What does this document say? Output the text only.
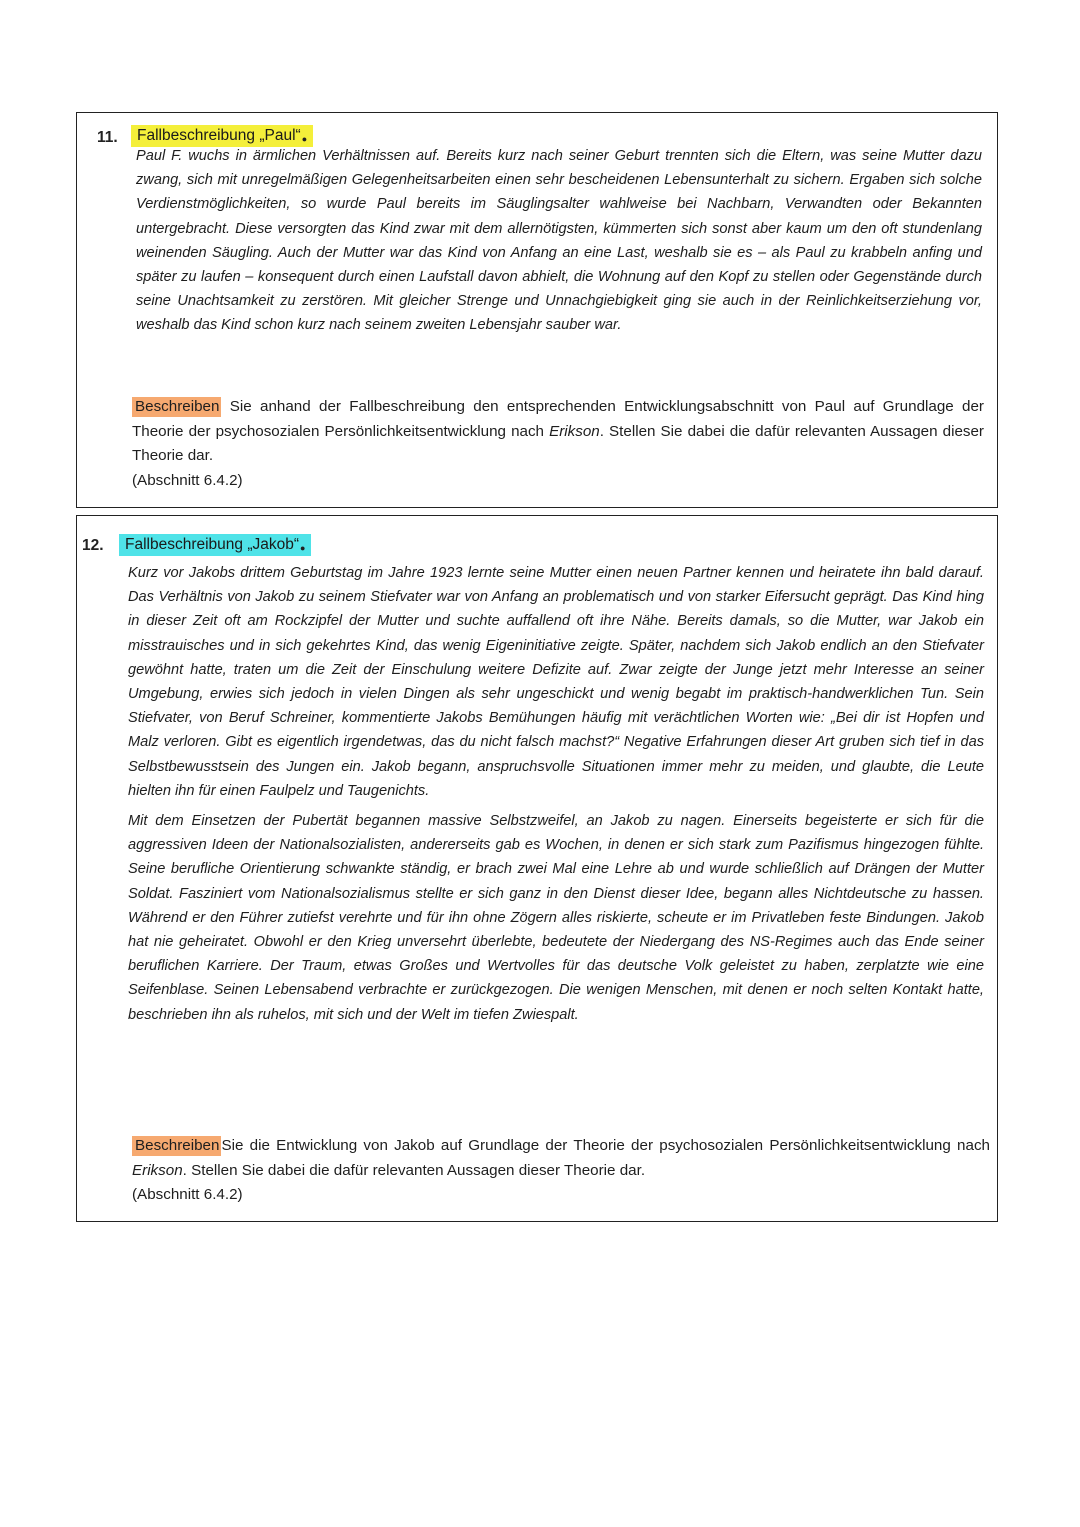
11.	Fallbeschreibung „Paul“●

Paul F. wuchs in ärmlichen Verhältnissen auf. Bereits kurz nach seiner Geburt trennten sich die Eltern, was seine Mutter dazu zwang, sich mit unregelmäßigen Gelegenheitsarbeiten einen sehr bescheidenen Lebensunterhalt zu sichern. Ergaben sich solche Verdienstmöglichkeiten, so wurde Paul bereits im Säuglingsalter wahlweise bei Nachbarn, Verwandten oder Bekannten untergebracht. Diese versorgten das Kind zwar mit dem allernötigsten, kümmerten sich sonst aber kaum um den oft stundenlang weinenden Säugling. Auch der Mutter war das Kind von Anfang an eine Last, weshalb sie es – als Paul zu krabbeln anfing und später zu laufen – konsequent durch einen Laufstall davon abhielt, die Wohnung auf den Kopf zu stellen oder Gegenstände durch seine Unachtsamkeit zu zerstören. Mit gleicher Strenge und Unnachgiebigkeit ging sie auch in der Reinlichkeitserziehung vor, weshalb das Kind schon kurz nach seinem zweiten Lebensjahr sauber war.

Beschreiben Sie anhand der Fallbeschreibung den entsprechenden Entwicklungsabschnitt von Paul auf Grundlage der Theorie der psychosozialen Persönlichkeitsentwicklung nach Erikson. Stellen Sie dabei die dafür relevanten Aussagen dieser Theorie dar.
(Abschnitt 6.4.2)

12.	Fallbeschreibung „Jakob“●

Kurz vor Jakobs drittem Geburtstag im Jahre 1923 lernte seine Mutter einen neuen Partner kennen und heiratete ihn bald darauf. Das Verhältnis von Jakob zu seinem Stiefvater war von Anfang an problematisch und von starker Eifersucht geprägt. Das Kind hing in dieser Zeit oft am Rockzipfel der Mutter und suchte auffallend oft ihre Nähe. Bereits damals, so die Mutter, war Jakob ein misstrauisches und in sich gekehrtes Kind, das wenig Eigeninitiative zeigte. Später, nachdem sich Jakob endlich an den Stiefvater gewöhnt hatte, traten um die Zeit der Einschulung weitere Defizite auf. Zwar zeigte der Junge jetzt mehr Interesse an seiner Umgebung, erwies sich jedoch in vielen Dingen als sehr ungeschickt und wenig begabt im praktisch-handwerklichen Tun. Sein Stiefvater, von Beruf Schreiner, kommentierte Jakobs Bemühungen häufig mit verächtlichen Worten wie: „Bei dir ist Hopfen und Malz verloren. Gibt es eigentlich irgendetwas, das du nicht falsch machst?“ Negative Erfahrungen dieser Art gruben sich tief in das Selbstbewusstsein des Jungen ein. Jakob begann, anspruchsvolle Situationen immer mehr zu meiden, und glaubte, die Leute hielten ihn für einen Faulpelz und Taugenichts.

Mit dem Einsetzen der Pubertät begannen massive Selbstzweifel, an Jakob zu nagen. Einerseits begeisterte er sich für die aggressiven Ideen der Nationalsozialisten, andererseits gab es Wochen, in denen er sich stark zum Pazifismus hingezogen fühlte. Seine berufliche Orientierung schwankte ständig, er brach zwei Mal eine Lehre ab und wurde schließlich auf Drängen der Mutter Soldat. Fasziniert vom Nationalsozialismus stellte er sich ganz in den Dienst dieser Idee, begann alles Nichtdeutsche zu hassen. Während er den Führer zutiefst verehrte und für ihn ohne Zögern alles riskierte, scheute er im Privatleben feste Bindungen. Jakob hat nie geheiratet. Obwohl er den Krieg unversehrt überlebte, bedeutete der Niedergang des NS-Regimes auch das Ende seiner beruflichen Karriere. Der Traum, etwas Großes und Wertvolles für das deutsche Volk geleistet zu haben, zerplatzte wie eine Seifenblase. Seinen Lebensabend verbrachte er zurückgezogen. Die wenigen Menschen, mit denen er noch selten Kontakt hatte, beschrieben ihn als ruhelos, mit sich und der Welt im tiefen Zwiespalt.

Beschreiben Sie die Entwicklung von Jakob auf Grundlage der Theorie der psychosozialen Persönlichkeitsentwicklung nach Erikson. Stellen Sie dabei die dafür relevanten Aussagen dieser Theorie dar.
(Abschnitt 6.4.2)
